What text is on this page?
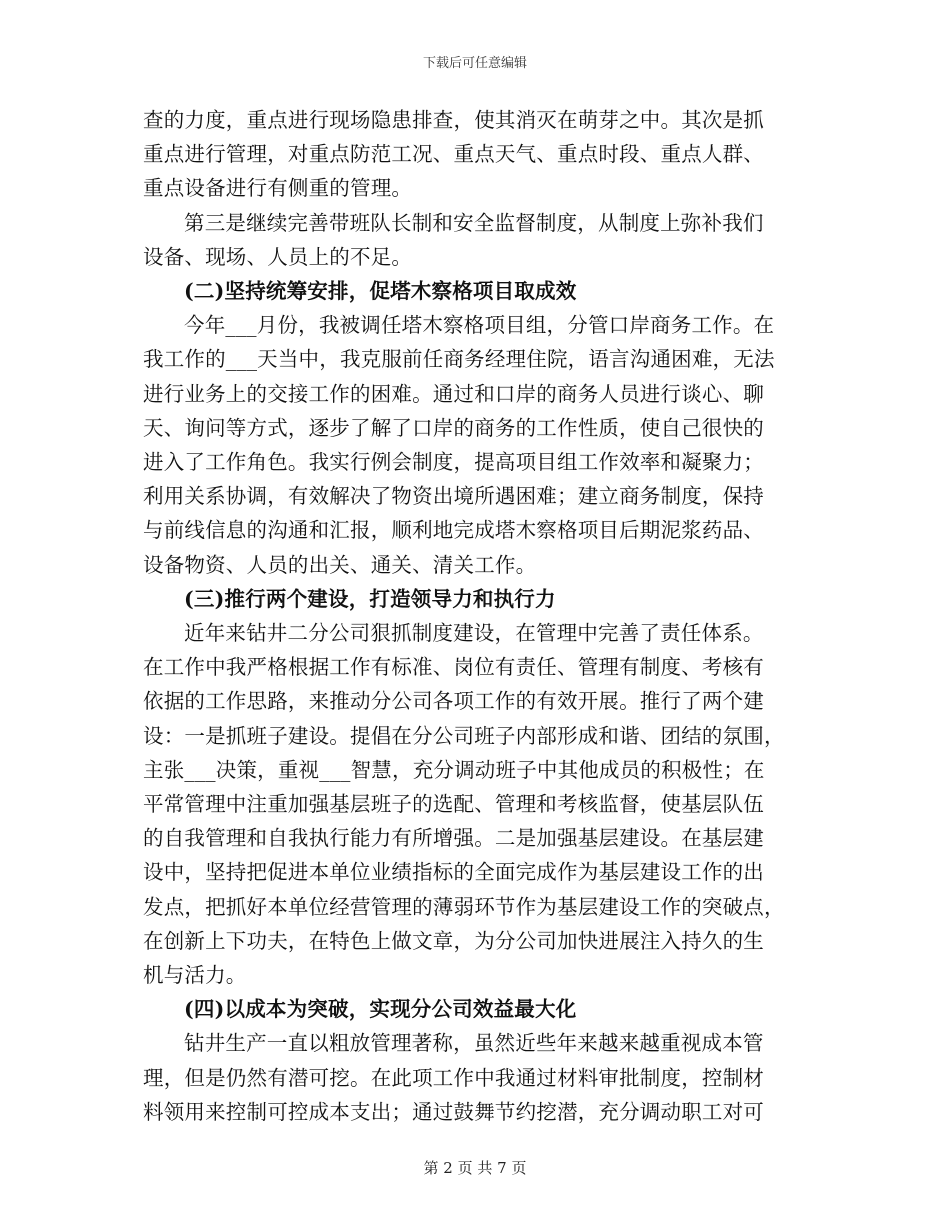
下载后可任意编辑
查的力度，重点进行现场隐患排查，使其消灭在萌芽之中。其次是抓
重点进行管理，对重点防范工况、重点天气、重点时段、重点人群、
重点设备进行有侧重的管理。
第三是继续完善带班队长制和安全监督制度，从制度上弥补我们
设备、现场、人员上的不足。
(二)坚持统筹安排，促塔木察格项目取成效
今年___月份，我被调任塔木察格项目组，分管口岸商务工作。在
我工作的___天当中，我克服前任商务经理住院，语言沟通困难，无法
进行业务上的交接工作的困难。通过和口岸的商务人员进行谈心、聊
天、询问等方式，逐步了解了口岸的商务的工作性质，使自己很快的
进入了工作角色。我实行例会制度，提高项目组工作效率和凝聚力；
利用关系协调，有效解决了物资出境所遇困难；建立商务制度，保持
与前线信息的沟通和汇报，顺利地完成塔木察格项目后期泥浆药品、
设备物资、人员的出关、通关、清关工作。
(三)推行两个建设，打造领导力和执行力
近年来钻井二分公司狠抓制度建设，在管理中完善了责任体系。
在工作中我严格根据工作有标准、岗位有责任、管理有制度、考核有
依据的工作思路，来推动分公司各项工作的有效开展。推行了两个建
设：一是抓班子建设。提倡在分公司班子内部形成和谐、团结的氛围，
主张___决策，重视___智慧，充分调动班子中其他成员的积极性；在
平常管理中注重加强基层班子的选配、管理和考核监督，使基层队伍
的自我管理和自我执行能力有所增强。二是加强基层建设。在基层建
设中，坚持把促进本单位业绩指标的全面完成作为基层建设工作的出
发点，把抓好本单位经营管理的薄弱环节作为基层建设工作的突破点，
在创新上下功夫，在特色上做文章，为分公司加快进展注入持久的生
机与活力。
(四)以成本为突破，实现分公司效益最大化
钻井生产一直以粗放管理著称，虽然近些年来越来越重视成本管
理，但是仍然有潜可挖。在此项工作中我通过材料审批制度，控制材
料领用来控制可控成本支出；通过鼓舞节约挖潜，充分调动职工对可
第 2 页 共 7 页
